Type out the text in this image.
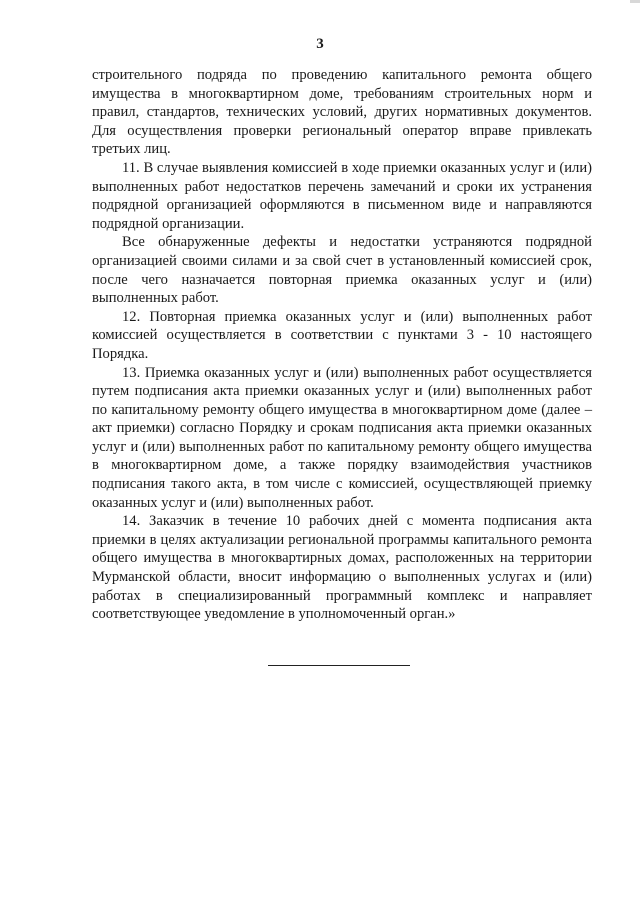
3

строительного подряда по проведению капитального ремонта общего имущества в многоквартирном доме, требованиям строительных норм и правил, стандартов, технических условий, других нормативных документов. Для осуществления проверки региональный оператор вправе привлекать третьих лиц.

11. В случае выявления комиссией в ходе приемки оказанных услуг и (или) выполненных работ недостатков перечень замечаний и сроки их устранения подрядной организацией оформляются в письменном виде и направляются подрядной организации.

Все обнаруженные дефекты и недостатки устраняются подрядной организацией своими силами и за свой счет в установленный комиссией срок, после чего назначается повторная приемка оказанных услуг и (или) выполненных работ.

12. Повторная приемка оказанных услуг и (или) выполненных работ комиссией осуществляется в соответствии с пунктами 3 - 10 настоящего Порядка.

13. Приемка оказанных услуг и (или) выполненных работ осуществляется путем подписания акта приемки оказанных услуг и (или) выполненных работ по капитальному ремонту общего имущества в многоквартирном доме (далее – акт приемки) согласно Порядку и срокам подписания акта приемки оказанных услуг и (или) выполненных работ по капитальному ремонту общего имущества в многоквартирном доме, а также порядку взаимодействия участников подписания такого акта, в том числе с комиссией, осуществляющей приемку оказанных услуг и (или) выполненных работ.

14. Заказчик в течение 10 рабочих дней с момента подписания акта приемки в целях актуализации региональной программы капитального ремонта общего имущества в многоквартирных домах, расположенных на территории Мурманской области, вносит информацию о выполненных услугах и (или) работах в специализированный программный комплекс и направляет соответствующее уведомление в уполномоченный орган.»
